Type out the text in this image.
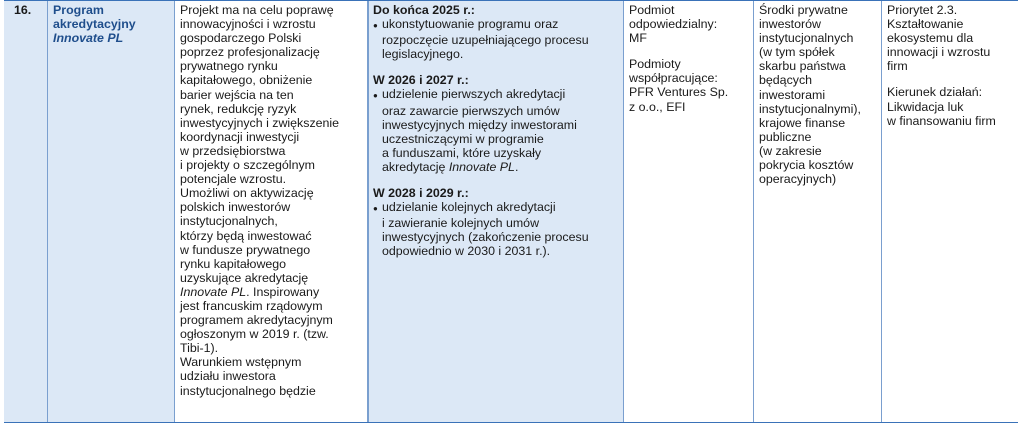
16.	Program
akredytacyjny
Innovate PL
Projekt ma na celu poprawę
innowacyjności i wzrostu
gospodarczego Polski
poprzez profesjonalizację
prywatnego rynku
kapitałowego, obniżenie
barier wejścia na ten
rynek, redukcję ryzyk
inwestycyjnych i zwiększenie
koordynacji inwestycji
w przedsiębiorstwa
i projekty o szczególnym
potencjale wzrostu.
Umożliwi on aktywizację
polskich inwestorów
instytucjonalnych,
którzy będą inwestować
w fundusze prywatnego
rynku kapitałowego
uzyskujące akredytację
Innovate PL. Inspirowany
jest francuskim rządowym
programem akredytacyjnym
ogłoszonym w 2019 r. (tzw.
Tibi-1).
Warunkiem wstępnym
udziału inwestora
instytucjonalnego będzie
Do końca 2025 r.:
● ukonstytuowanie programu oraz
rozpoczęcie uzupełniającego procesu
legislacyjnego.
W 2026 i 2027 r.:
● udzielenie pierwszych akredytacji
oraz zawarcie pierwszych umów
inwestycyjnych między inwestorami
uczestniczącymi w programie
a funduszami, które uzyskały
akredytację Innovate PL.
W 2028 i 2029 r.:
● udzielanie kolejnych akredytacji
i zawieranie kolejnych umów
inwestycyjnych (zakończenie procesu
odpowiednio w 2030 i 2031 r.).
Podmiot
odpowiedzialny:
MF
Podmioty
współpracujące:
PFR Ventures Sp.
z o.o., EFI
Środki prywatne
inwestorów
instytucjonalnych
(w tym spółek
skarbu państwa
będących
inwestorami
instytucjonalnymi),
krajowe finanse
publiczne
(w zakresie
pokrycia kosztów
operacyjnych)
Priorytet 2.3.
Kształtowanie
ekosystemu dla
innowacji i wzrostu
firm
Kierunek działań:
Likwidacja luk
w finansowaniu firm
